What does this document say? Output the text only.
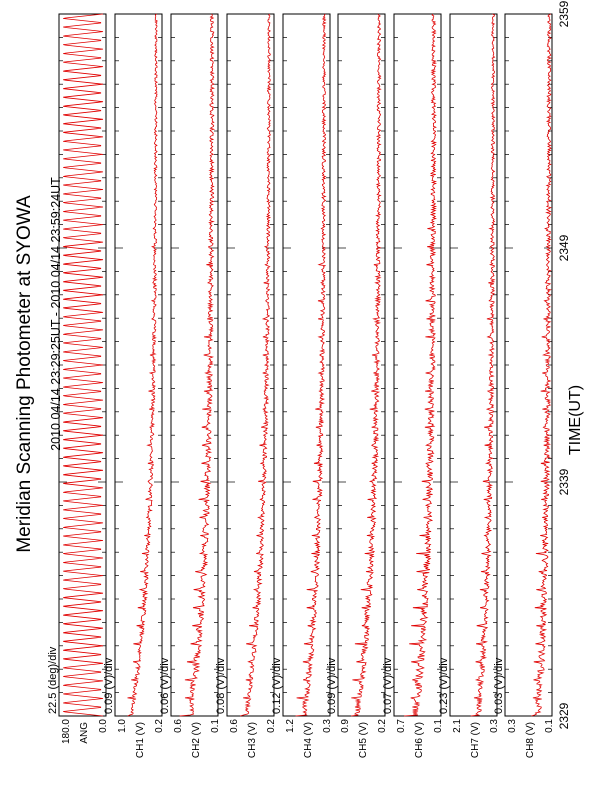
Meridian Scanning Photometer at SYOWA 2010 04/14 23:29:25UT - 2010 04/14 23:59:24UT	TIME(UT)
22.5 (deg)/div
180.0	0.0
ANG
0.09 (V)/div
1.0	0.2
CH1 (V)
0.06 (V)/div
0.6	0.1
CH2 (V)
0.08 (V)/div
0.6	0.2
CH3 (V)
0.12 (V)/div
1.2	0.3
CH4 (V)
0.09 (V)/div
0.9	0.2
CH5 (V)
0.07 (V)/div
0.7	0.1
CH6 (V)
0.23 (V)/div
2.1	0.3
CH7 (V)
0.03 (V)/div
0.3	0.1
CH8 (V)
2329
2339
2349
2359
